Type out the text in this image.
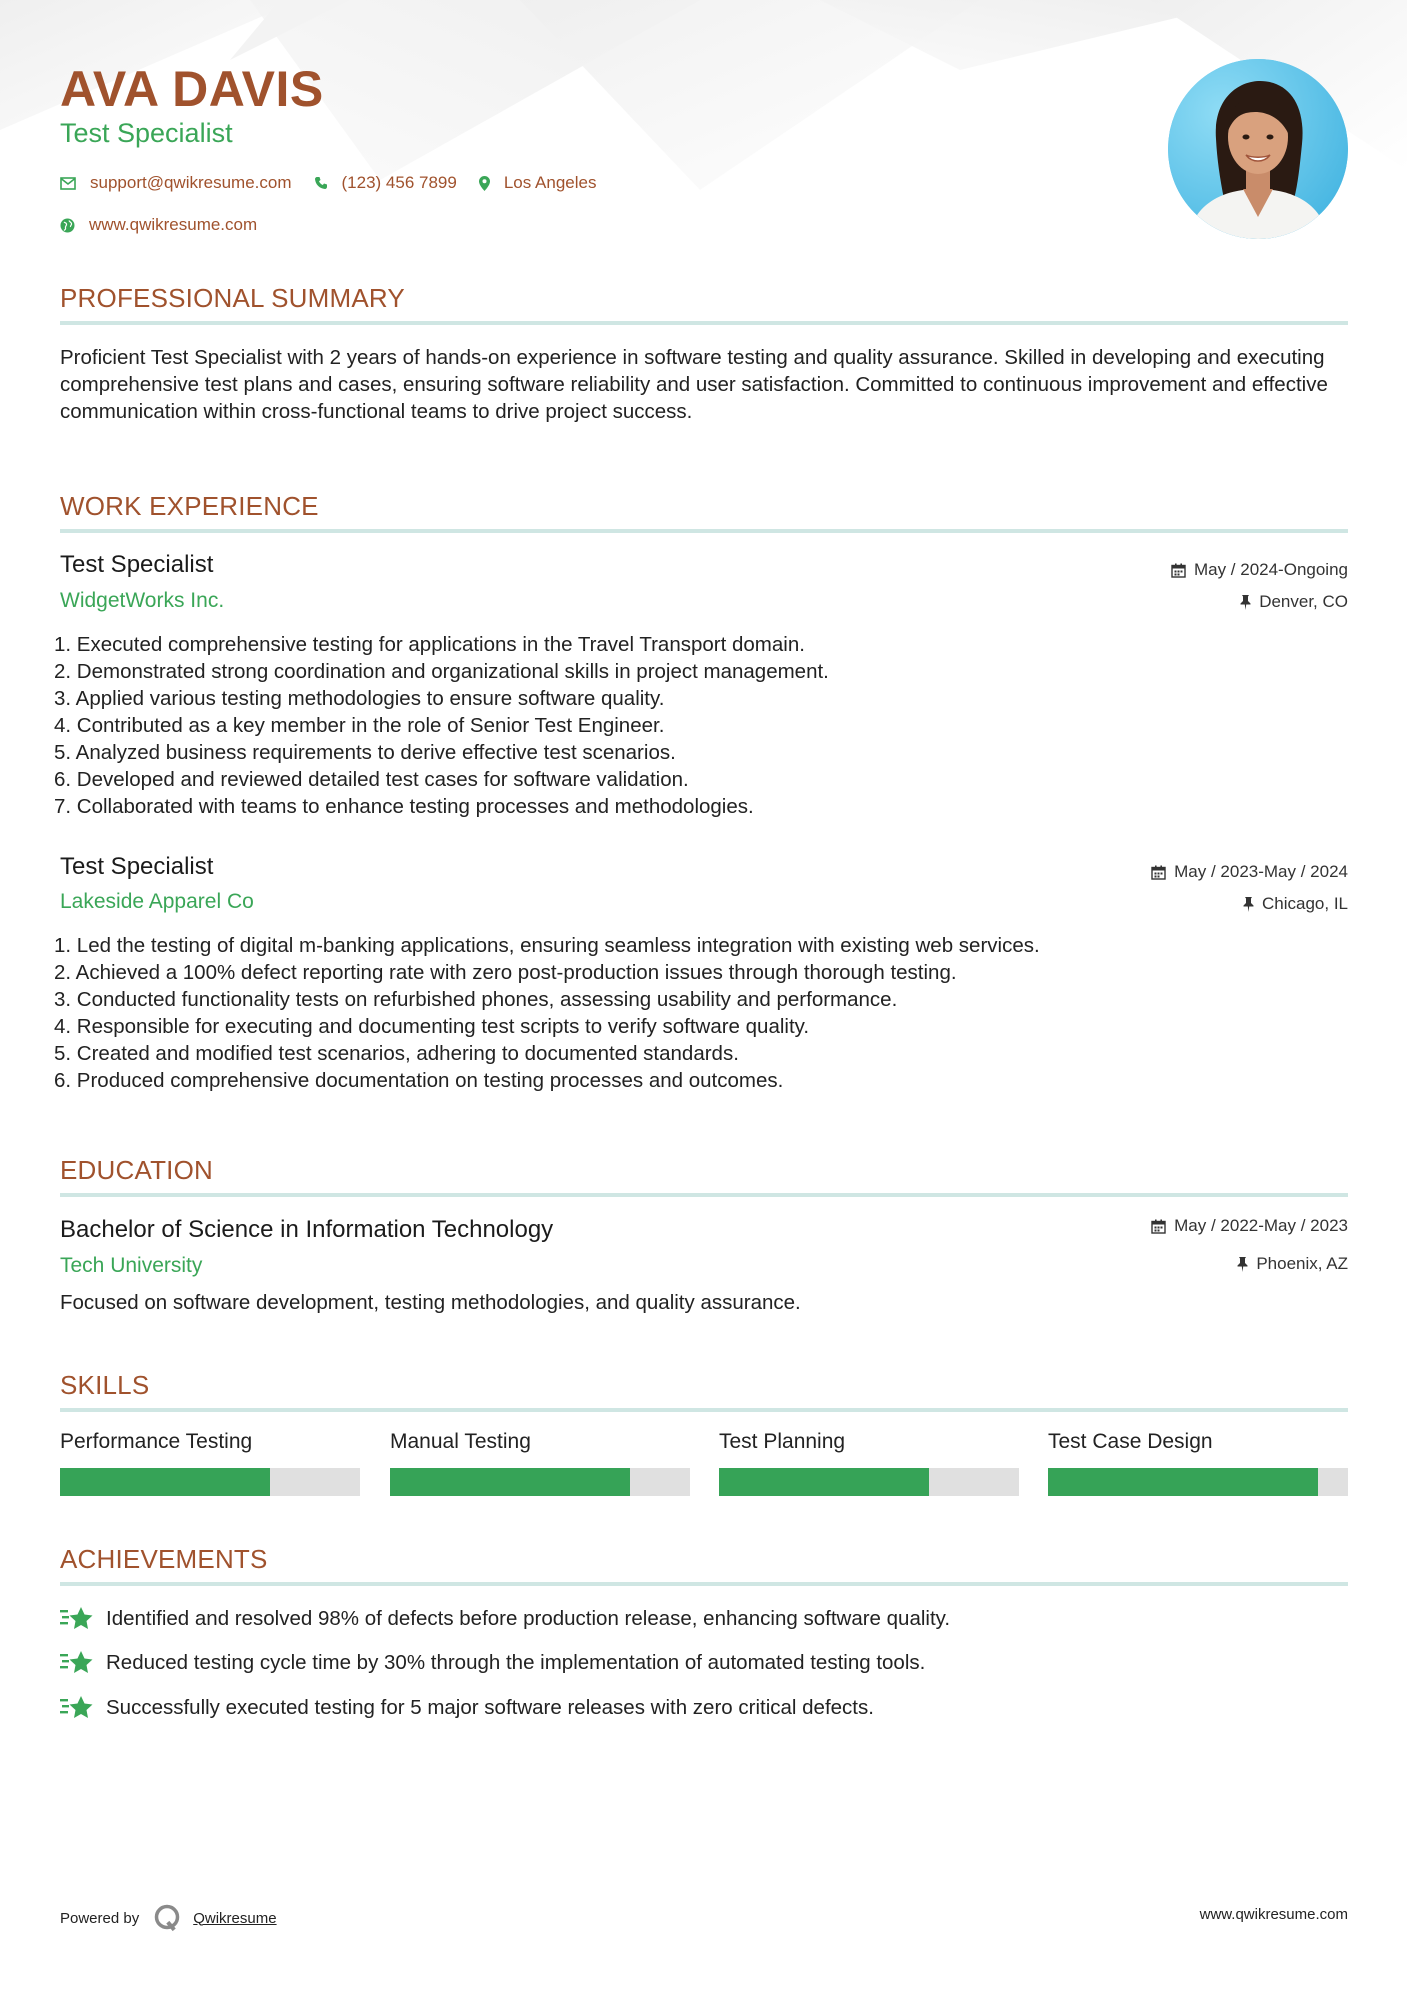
AVA DAVIS
Test Specialist
support@qwikresume.com	(123) 456 7899	Los Angeles
www.qwikresume.com
PROFESSIONAL SUMMARY
Proficient Test Specialist with 2 years of hands-on experience in software testing and quality assurance. Skilled in developing and executing comprehensive test plans and cases, ensuring software reliability and user satisfaction. Committed to continuous improvement and effective communication within cross-functional teams to drive project success.
WORK EXPERIENCE
Test Specialist
WidgetWorks Inc.
May / 2024-Ongoing
Denver, CO
1. Executed comprehensive testing for applications in the Travel Transport domain.
2. Demonstrated strong coordination and organizational skills in project management.
3. Applied various testing methodologies to ensure software quality.
4. Contributed as a key member in the role of Senior Test Engineer.
5. Analyzed business requirements to derive effective test scenarios.
6. Developed and reviewed detailed test cases for software validation.
7. Collaborated with teams to enhance testing processes and methodologies.
Test Specialist
Lakeside Apparel Co
May / 2023-May / 2024
Chicago, IL
1. Led the testing of digital m-banking applications, ensuring seamless integration with existing web services.
2. Achieved a 100% defect reporting rate with zero post-production issues through thorough testing.
3. Conducted functionality tests on refurbished phones, assessing usability and performance.
4. Responsible for executing and documenting test scripts to verify software quality.
5. Created and modified test scenarios, adhering to documented standards.
6. Produced comprehensive documentation on testing processes and outcomes.
EDUCATION
Bachelor of Science in Information Technology
Tech University
May / 2022-May / 2023
Phoenix, AZ
Focused on software development, testing methodologies, and quality assurance.
SKILLS
Performance Testing	Manual Testing	Test Planning	Test Case Design
ACHIEVEMENTS
Identified and resolved 98% of defects before production release, enhancing software quality.
Reduced testing cycle time by 30% through the implementation of automated testing tools.
Successfully executed testing for 5 major software releases with zero critical defects.
Powered by	Qwikresume	www.qwikresume.com
